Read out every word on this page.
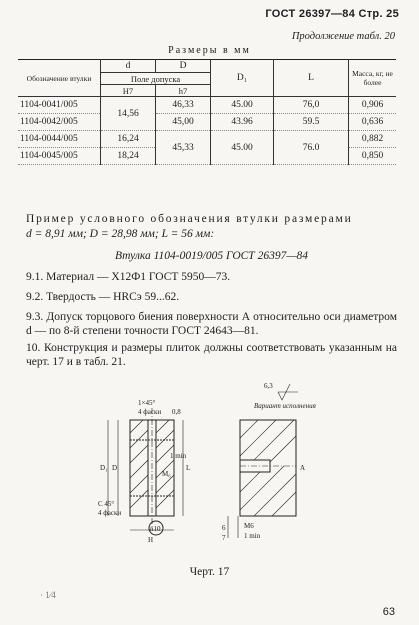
ГОСТ 26397—84 Стр. 25
Продолжение табл. 20
Размеры в мм
Обозначение втулки	d	D	D₁	L	Масса, кг, не более
	Поле допуска				
	H7	h7			
1104-0041/005	14,56	46,33	45.00	76,0	0,906
1104-0042/005		45,00	43.96	59.5	0,636
1104-0044/005	16,24	45,33	45.00	76.0	0,882
1104-0045/005	18,24				0,850
Пример условного обозначения втулки размерами
d = 8,91 мм; D = 28,98 мм; L = 56 мм:
Втулка 1104-0019/005 ГОСТ 26397—84
9.1. Материал — Х12Ф1 ГОСТ 5950—73.
9.2. Твердость — HRCэ 59...62.
9.3. Допуск торцового биения поверхности А относительно оси диаметром d — по 8-й степени точности ГОСТ 24643—81.
10. Конструкция и размеры плиток должны соответствовать указанным на черт. 17 и в табл. 21.
1×45°
4 фаски
С 45°
4 фаски
n10
0,8
D₁ D
M₆
L
1 min
H
6,3
Вариант исполнения
6
7
M6
1 min
A
Черт. 17
· 1⁄4
63
